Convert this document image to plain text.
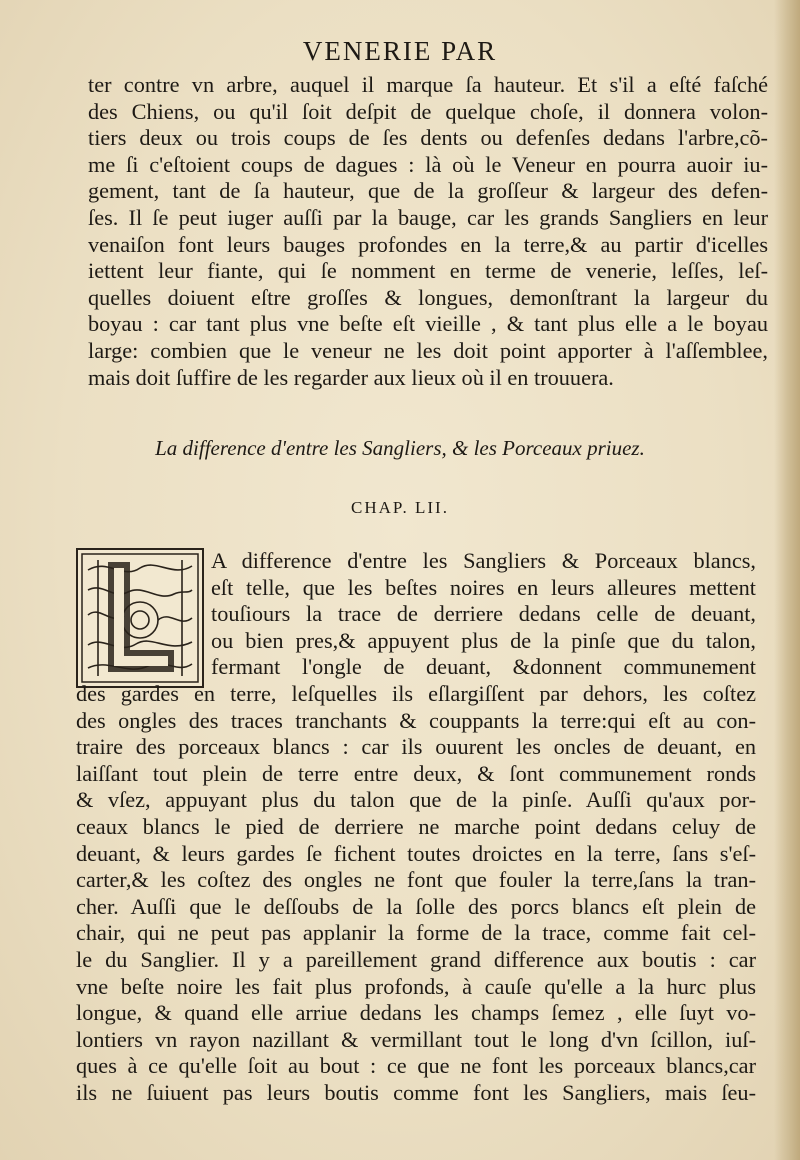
VENERIE PAR
ter contre vn arbre, auquel il marque ſa hauteur. Et s'il a eſté faſché
des Chiens, ou qu'il ſoit deſpit de quelque choſe, il donnera volon-
tiers deux ou trois coups de ſes dents ou defenſes dedans l'arbre,cõ-
me ſi c'eſtoient coups de dagues : là où le Veneur en pourra auoir iu-
gement, tant de ſa hauteur, que de la groſſeur & largeur des defen-
ſes. Il ſe peut iuger auſſi par la bauge, car les grands Sangliers en leur
venaiſon font leurs bauges profondes en la terre,& au partir d'icelles
iettent leur fiante, qui ſe nomment en terme de venerie, leſſes, leſ-
quelles doiuent eſtre groſſes & longues, demonſtrant la largeur du
boyau : car tant plus vne beſte eſt vieille , & tant plus elle a le boyau
large: combien que le veneur ne les doit point apporter à l'aſſemblee,
mais doit ſuffire de les regarder aux lieux où il en trouuera.
La difference d'entre les Sangliers, & les Porceaux priuez.
CHAP. LII.
A difference d'entre les Sangliers & Porceaux blancs,
eſt telle, que les beſtes noires en leurs alleures mettent
touſiours la trace de derriere dedans celle de deuant,
ou bien pres,& appuyent plus de la pinſe que du talon,
fermant l'ongle de deuant, &donnent communement
des gardes en terre, leſquelles ils eſlargiſſent par dehors, les coſtez
des ongles des traces tranchants & couppants la terre:qui eſt au con-
traire des porceaux blancs : car ils ouurent les oncles de deuant, en
laiſſant tout plein de terre entre deux, & ſont communement ronds
& vſez, appuyant plus du talon que de la pinſe. Auſſi qu'aux por-
ceaux blancs le pied de derriere ne marche point dedans celuy de
deuant, & leurs gardes ſe fichent toutes droictes en la terre, ſans s'eſ-
carter,& les coſtez des ongles ne font que fouler la terre,ſans la tran-
cher. Auſſi que le deſſoubs de la ſolle des porcs blancs eſt plein de
chair, qui ne peut pas applanir la forme de la trace, comme fait cel-
le du Sanglier. Il y a pareillement grand difference aux boutis : car
vne beſte noire les fait plus profonds, à cauſe qu'elle a la hurc plus
longue, & quand elle arriue dedans les champs ſemez , elle ſuyt vo-
lontiers vn rayon nazillant & vermillant tout le long d'vn ſcillon, iuſ-
ques à ce qu'elle ſoit au bout : ce que ne font les porceaux blancs,car
ils ne ſuiuent pas leurs boutis comme font les Sangliers, mais ſeu-
